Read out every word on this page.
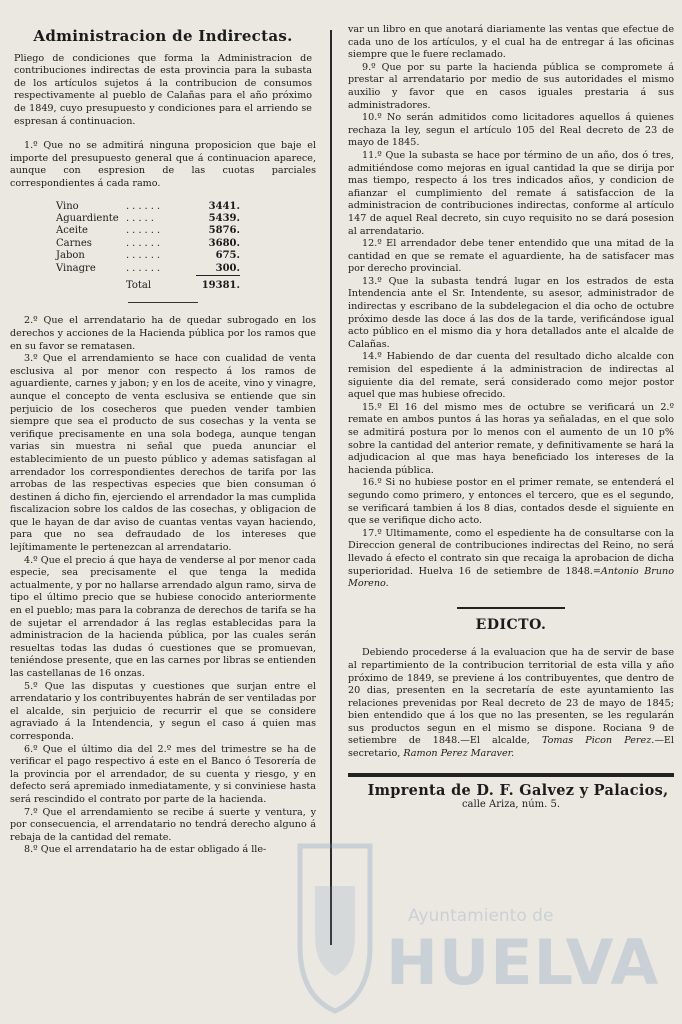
Administracion de Indirectas.

Pliego de condiciones que forma la Administracion de contribuciones indirectas de esta provincia para la subasta de los artículos sujetos á la contribucion de consumos respectivamente al pueblo de Calañas para el año próximo de 1849, cuyo presupuesto y condiciones para el arriendo se espresan á continuacion.

1.º Que no se admitirá ninguna proposicion que baje el importe del presupuesto general que á continuacion aparece, aunque con espresion de las cuotas parciales correspondientes á cada ramo.

Vino	......	3441.
Aguardiente	.....	5439.
Aceite	......	5876.
Carnes	......	3680.
Jabon	......	675.
Vinagre	......	300.
	Total	19381.

2.º Que el arrendatario ha de quedar subrogado en los derechos y acciones de la Hacienda pública por los ramos que en su favor se rematasen.

3.º Que el arrendamiento se hace con cualidad de venta esclusiva al por menor con respecto á los ramos de aguardiente, carnes y jabon; y en los de aceite, vino y vinagre, aunque el concepto de venta esclusiva se entiende que sin perjuicio de los cosecheros que pueden vender tambien siempre que sea el producto de sus cosechas y la venta se verifique precisamente en una sola bodega, aunque tengan varias sin muestra ni señal que pueda anunciar el establecimiento de un puesto público y ademas satisfagan al arrendador los correspondientes derechos de tarifa por las arrobas de las respectivas especies que bien consuman ó destinen á dicho fin, ejerciendo el arrendador la mas cumplida fiscalizacion sobre los caldos de las cosechas, y obligacion de que le hayan de dar aviso de cuantas ventas vayan haciendo, para que no sea defraudado de los intereses que lejítimamente le pertenezcan al arrendatario.

4.º Que el precio á que haya de venderse al por menor cada especie, sea precisamente el que tenga la medida actualmente, y por no hallarse arrendado algun ramo, sirva de tipo el último precio que se hubiese conocido anteriormente en el pueblo; mas para la cobranza de derechos de tarifa se ha de sujetar el arrendador á las reglas establecidas para la administracion de la hacienda pública, por las cuales serán resueltas todas las dudas ó cuestiones que se promuevan, teniéndose presente, que en las carnes por libras se entienden las castellanas de 16 onzas.

5.º Que las disputas y cuestiones que surjan entre el arrendatario y los contribuyentes habrán de ser ventiladas por el alcalde, sin perjuicio de recurrir el que se considere agraviado á la Intendencia, y segun el caso á quien mas corresponda.

6.º Que el último dia del 2.º mes del trimestre se ha de verificar el pago respectivo á este en el Banco ó Tesorería de la provincia por el arrendador, de su cuenta y riesgo, y en defecto será apremiado inmediatamente, y si conviniese hasta será rescindido el contrato por parte de la hacienda.

7.º Que el arrendamiento se recibe á suerte y ventura, y por consecuencia, el arrendatario no tendrá derecho alguno á rebaja de la cantidad del remate.

8.º Que el arrendatario ha de estar obligado á lle-

var un libro en que anotará diariamente las ventas que efectue de cada uno de los artículos, y el cual ha de entregar á las oficinas siempre que le fuere reclamado.

9.º Que por su parte la hacienda pública se compromete á prestar al arrendatario por medio de sus autoridades el mismo auxilio y favor que en casos iguales prestaria á sus administradores.

10.º No serán admitidos como licitadores aquellos á quienes rechaza la ley, segun el artículo 105 del Real decreto de 23 de mayo de 1845.

11.º Que la subasta se hace por término de un año, dos ó tres, admitiéndose como mejoras en igual cantidad la que se dirija por mas tiempo, respecto á los tres indicados años, y condicion de afianzar el cumplimiento del remate á satisfaccion de la administracion de contribuciones indirectas, conforme al artículo 147 de aquel Real decreto, sin cuyo requisito no se dará posesion al arrendatario.

12.º El arrendador debe tener entendido que una mitad de la cantidad en que se remate el aguardiente, ha de satisfacer mas por derecho provincial.

13.º Que la subasta tendrá lugar en los estrados de esta Intendencia ante el Sr. Intendente, su asesor, administrador de indirectas y escribano de la subdelegacion el dia ocho de octubre próximo desde las doce á las dos de la tarde, verificándose igual acto público en el mismo dia y hora detallados ante el alcalde de Calañas.

14.º Habiendo de dar cuenta del resultado dicho alcalde con remision del espediente á la administracion de indirectas al siguiente dia del remate, será considerado como mejor postor aquel que mas hubiese ofrecido.

15.º El 16 del mismo mes de octubre se verificará un 2.º remate en ambos puntos á las horas ya señaladas, en el que solo se admitirá postura por lo menos con el aumento de un 10 p% sobre la cantidad del anterior remate, y definitivamente se hará la adjudicacion al que mas haya beneficiado los intereses de la hacienda pública.

16.º Si no hubiese postor en el primer remate, se entenderá el segundo como primero, y entonces el tercero, que es el segundo, se verificará tambien á los 8 dias, contados desde el siguiente en que se verifique dicho acto.

17.º Ultimamente, como el espediente ha de consultarse con la Direccion general de contribuciones indirectas del Reino, no será llevado á efecto el contrato sin que recaiga la aprobacion de dicha superioridad. Huelva 16 de setiembre de 1848.=Antonio Bruno Moreno.

EDICTO.

Debiendo procederse á la evaluacion que ha de servir de base al repartimiento de la contribucion territorial de esta villa y año próximo de 1849, se previene á los contribuyentes, que dentro de 20 dias, presenten en la secretaría de este ayuntamiento las relaciones prevenidas por Real decreto de 23 de mayo de 1845; bien entendido que á los que no las presenten, se les regularán sus productos segun en el mismo se dispone. Rociana 9 de setiembre de 1848.—El alcalde, Tomas Picon Perez.—El secretario, Ramon Perez Maraver.

Imprenta de D. F. Galvez y Palacios,

calle Ariza, núm. 5.

Ayuntamiento de
HUELVA
